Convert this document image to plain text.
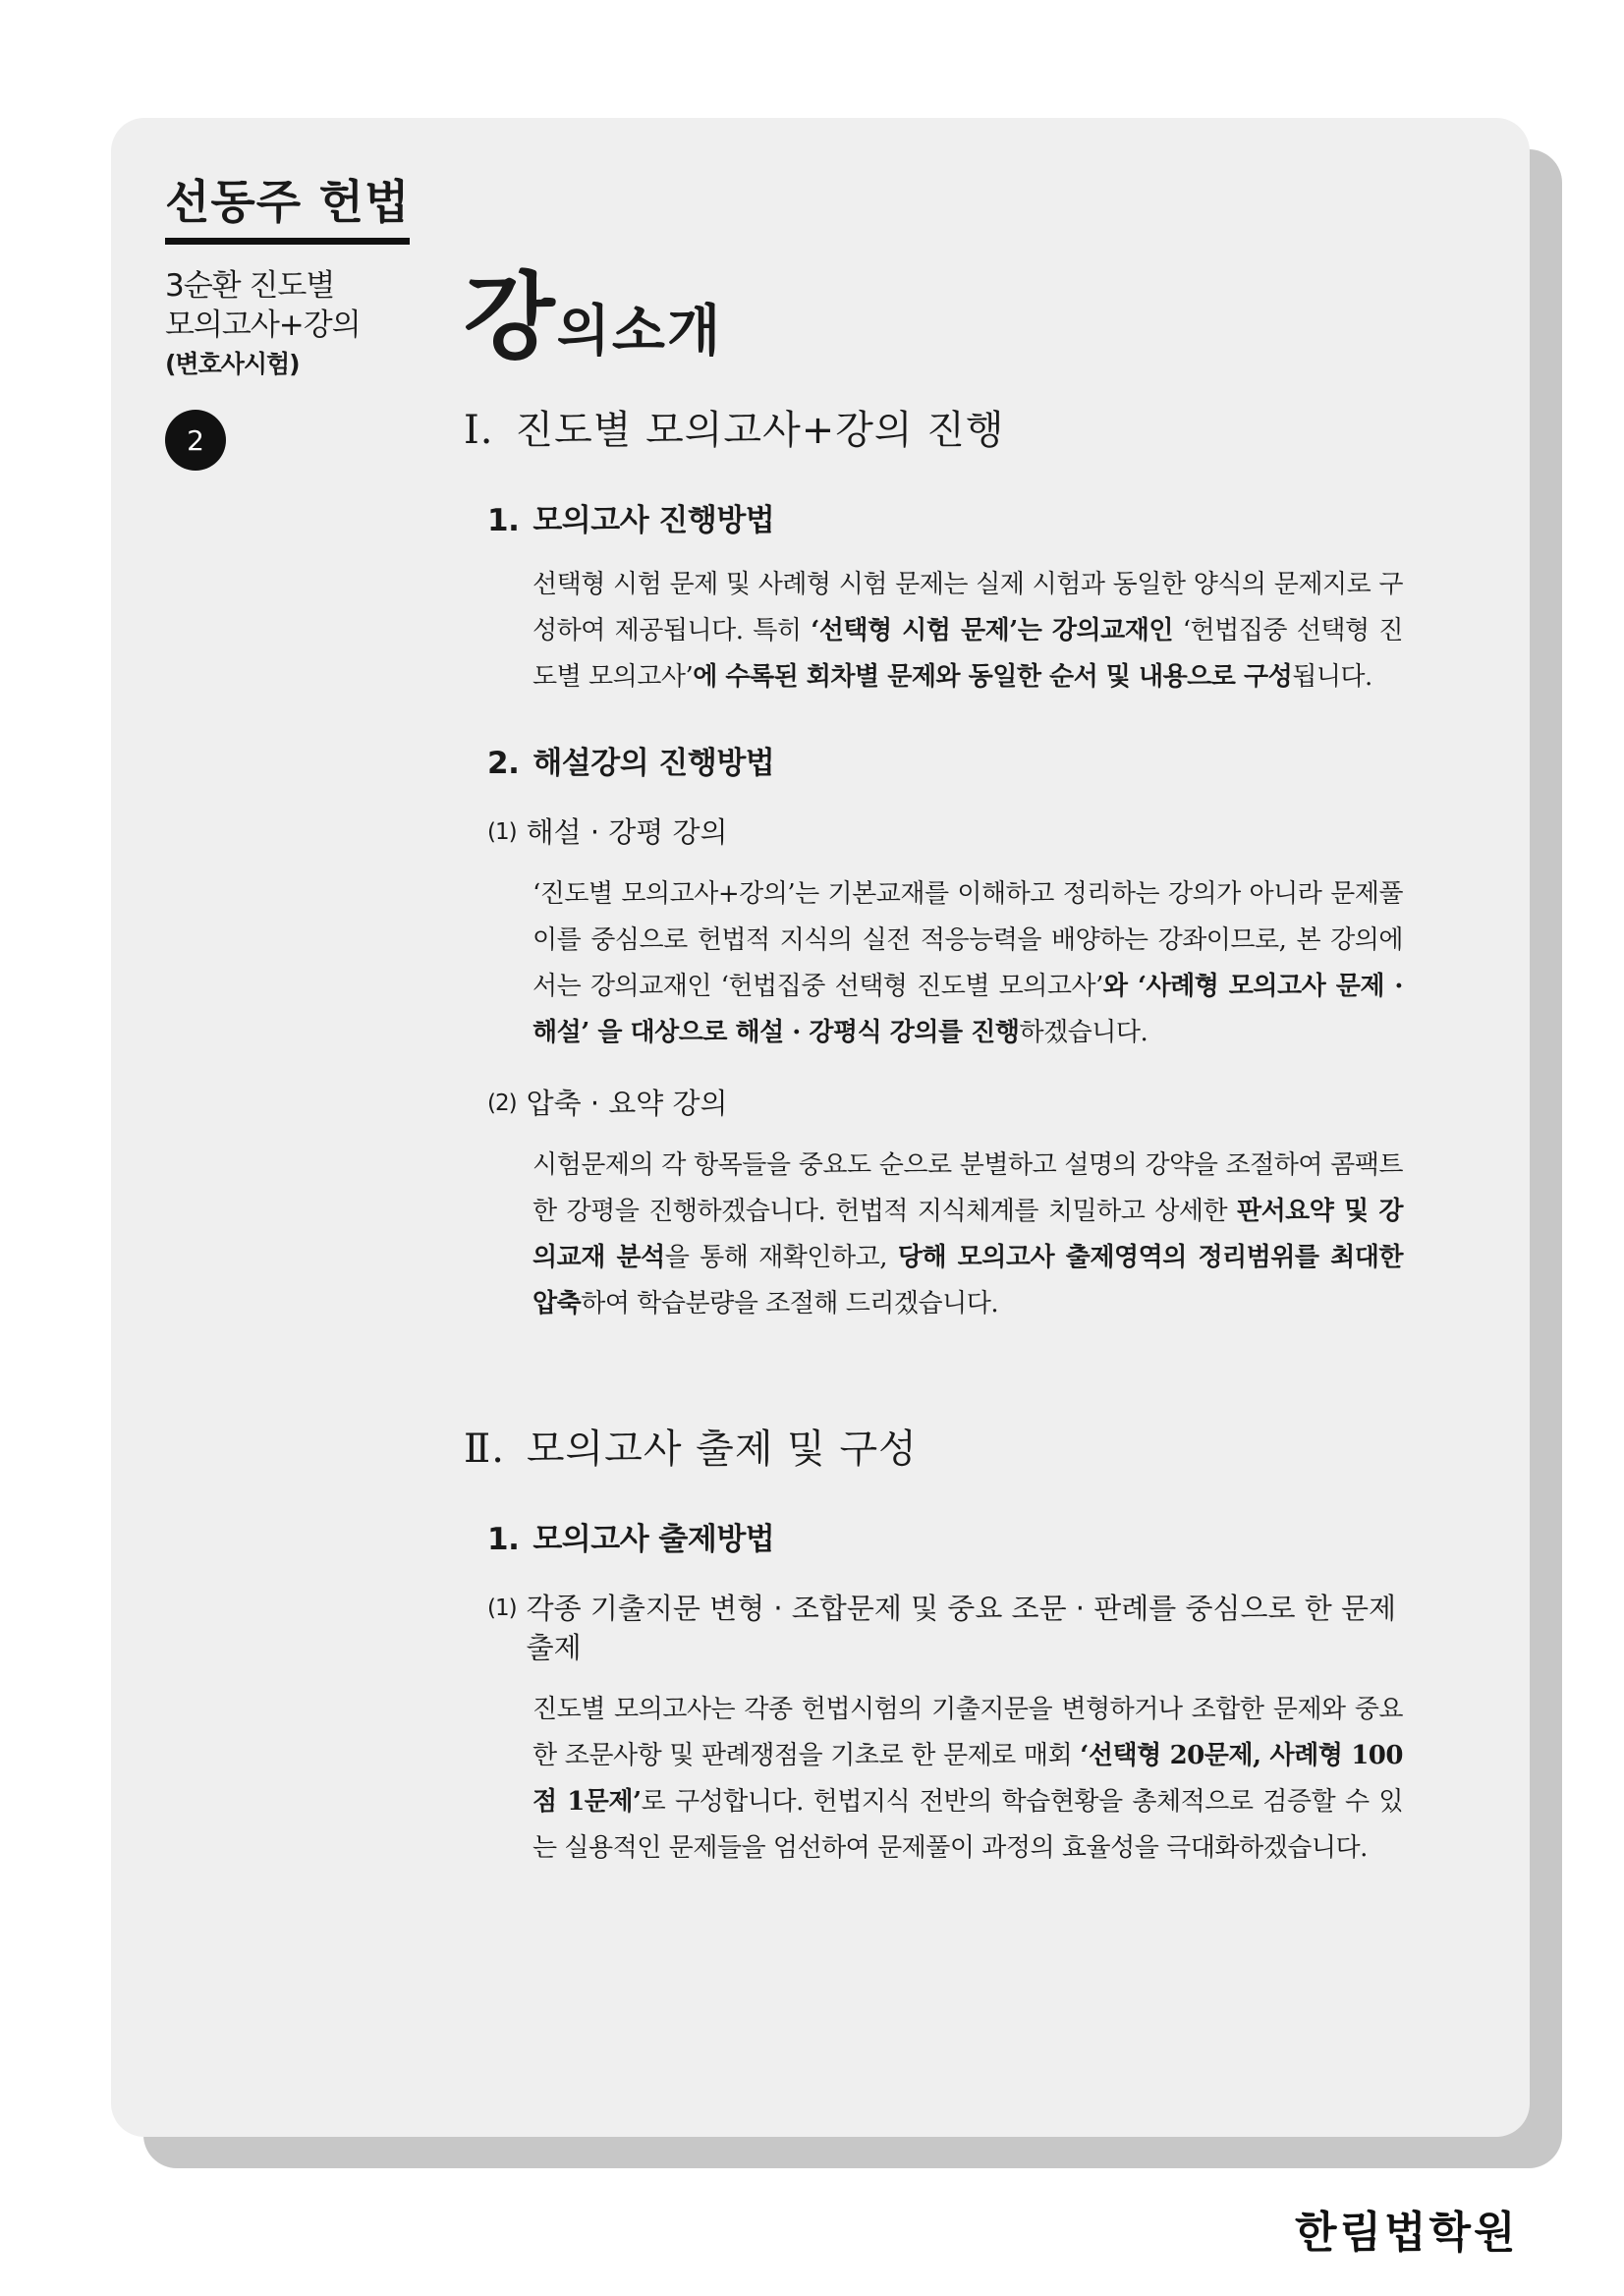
선동주 헌법
3순환 진도별
모의고사+강의
(변호사시험)
2
강의소개
Ⅰ. 진도별 모의고사+강의 진행
1. 모의고사 진행방법
선택형 시험 문제 및 사례형 시험 문제는 실제 시험과 동일한 양식의 문제지로 구성하여 제공됩니다. 특히 ‘선택형 시험 문제’는 강의교재인 ‘헌법집중 선택형 진도별 모의고사’에 수록된 회차별 문제와 동일한 순서 및 내용으로 구성됩니다.
2. 해설강의 진행방법
(1) 해설 · 강평 강의
‘진도별 모의고사+강의’는 기본교재를 이해하고 정리하는 강의가 아니라 문제풀이를 중심으로 헌법적 지식의 실전 적응능력을 배양하는 강좌이므로, 본 강의에서는 강의교재인 ‘헌법집중 선택형 진도별 모의고사’와 ‘사례형 모의고사 문제 · 해설’ 을 대상으로 해설 · 강평식 강의를 진행하겠습니다.
(2) 압축 · 요약 강의
시험문제의 각 항목들을 중요도 순으로 분별하고 설명의 강약을 조절하여 콤팩트한 강평을 진행하겠습니다. 헌법적 지식체계를 치밀하고 상세한 판서요약 및 강의교재 분석을 통해 재확인하고, 당해 모의고사 출제영역의 정리범위를 최대한 압축하여 학습분량을 조절해 드리겠습니다.
Ⅱ. 모의고사 출제 및 구성
1. 모의고사 출제방법
(1) 각종 기출지문 변형 · 조합문제 및 중요 조문 · 판례를 중심으로 한 문제출제
진도별 모의고사는 각종 헌법시험의 기출지문을 변형하거나 조합한 문제와 중요한 조문사항 및 판례쟁점을 기초로 한 문제로 매회 ‘선택형 20문제, 사례형 100점 1문제’로 구성합니다. 헌법지식 전반의 학습현황을 총체적으로 검증할 수 있는 실용적인 문제들을 엄선하여 문제풀이 과정의 효율성을 극대화하겠습니다.
한림법학원
